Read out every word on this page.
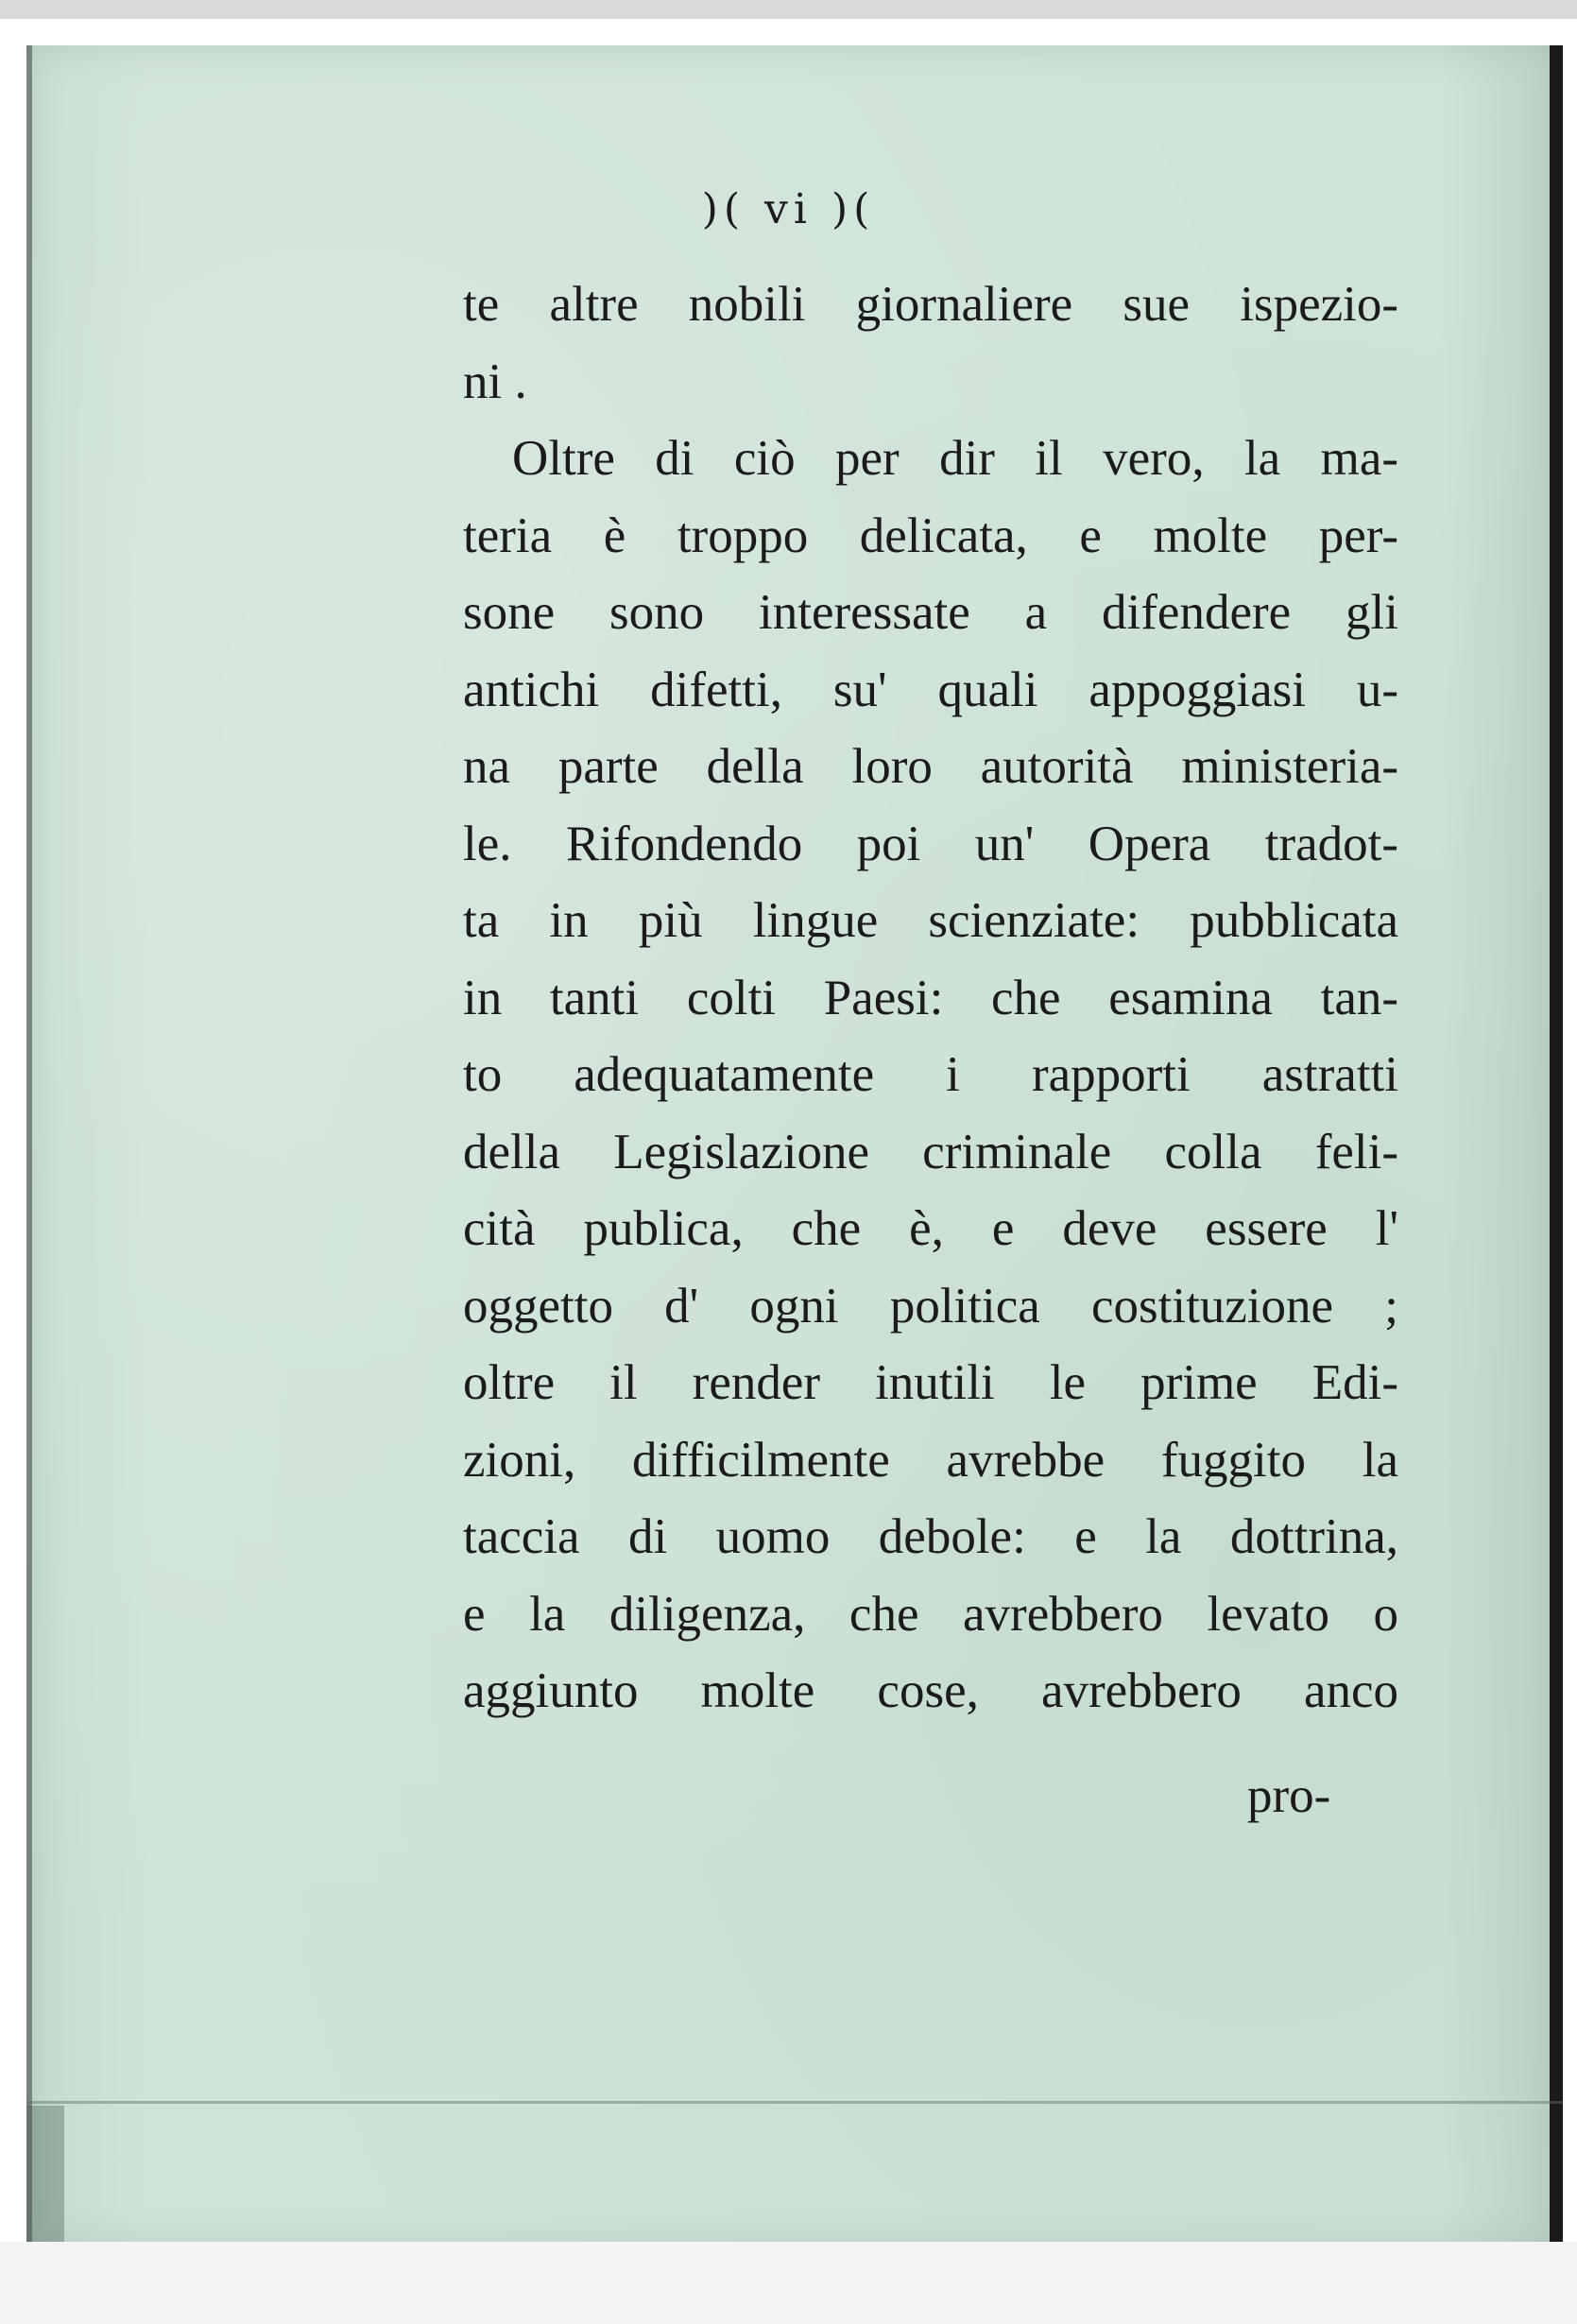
)( vi )(
te altre nobili giornaliere sue ispezio-
ni .
Oltre di ciò per dir il vero, la ma-
teria è troppo delicata, e molte per-
sone sono interessate a difendere gli
antichi difetti, su' quali appoggiasi u-
na parte della loro autorità ministeria-
le. Rifondendo poi un' Opera tradot-
ta in più lingue scienziate: pubblicata
in tanti colti Paesi: che esamina tan-
to adequatamente i rapporti astratti
della Legislazione criminale colla feli-
cità publica, che è, e deve essere l'
oggetto d' ogni politica costituzione ;
oltre il render inutili le prime Edi-
zioni, difficilmente avrebbe fuggito la
taccia di uomo debole: e la dottrina,
e la diligenza, che avrebbero levato o
aggiunto molte cose, avrebbero anco
pro-
